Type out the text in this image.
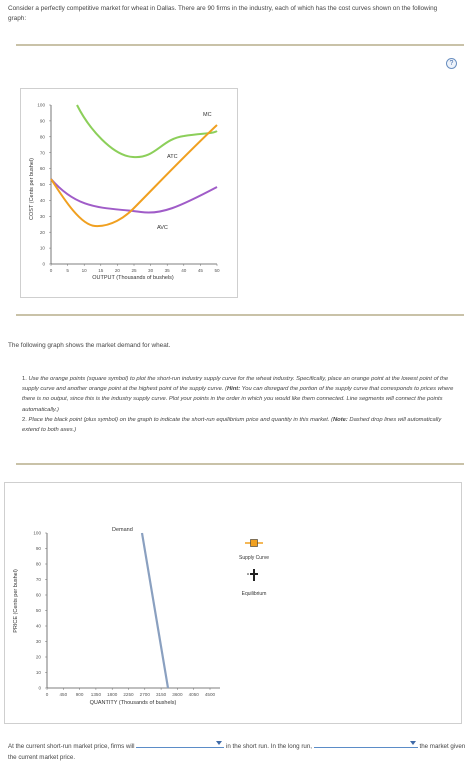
Consider a perfectly competitive market for wheat in Dallas. There are 90 firms in the industry, each of which has the cost curves shown on the following graph:
?
COST (Cents per bushel)
0
10
20
30
40
50
60
70
80
90
100
0	5	10 15 20 25 30 35 40 45 50
MC
ATC
AVC
OUTPUT (Thousands of bushels)
The following graph shows the market demand for wheat.
1. Use the orange points (square symbol) to plot the short-run industry supply curve for the wheat industry. Specifically, place an orange point at the lowest point of the supply curve and another orange point at the highest point of the supply curve. (Hint: You can disregard the portion of the supply curve that corresponds to prices where there is no output, since this is the industry supply curve. Plot your points in the order in which you would like them connected. Line segments will connect the points automatically.)
2. Place the black point (plus symbol) on the graph to indicate the short-run equilibrium price and quantity in this market. (Note: Dashed drop lines will automatically extend to both axes.)
PRICE (Cents per bushel)
0
10
20
30
40
50
60
70
80
90
100
0 450 900 1350 1800 2250 2700 3150 3600 4050 4500
Demand
QUANTITY (Thousands of bushels)
Supply Curve
Equilibrium
At the current short-run market price, firms will	in the short run. In the long run,	the market given the current market price.
